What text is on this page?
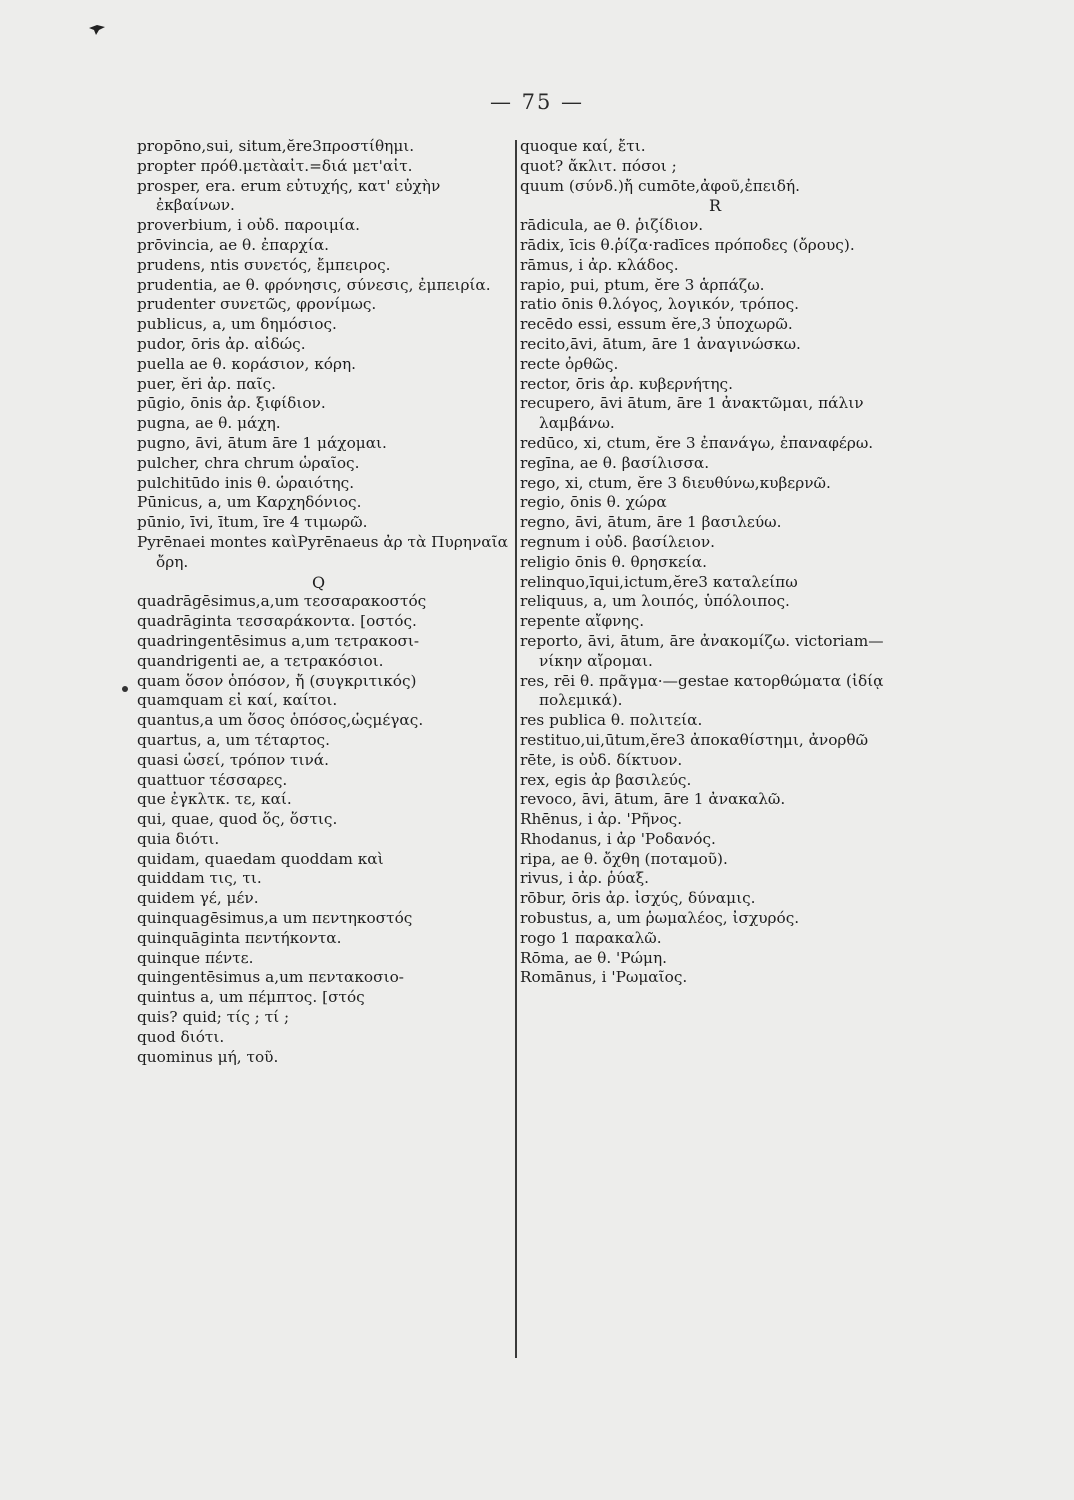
— 75 —
propōno,sui, situm,ĕre3προστίθημι.
propter πρόθ.μετὰαἰτ.=διά μετ'αἰτ.
prosper, era. erum εὐτυχής, κατ' εὐχὴν ἐκβαίνων.
proverbium, i οὐδ. παροιμία.
prōvincia, ae θ. ἐπαρχία.
prudens, ntis συνετός, ἔμπειρος.
prudentia, ae θ. φρόνησις, σύνεσις, ἐμπειρία.
prudenter συνετῶς, φρονίμως.
publicus, a, um δημόσιος.
pudor, ōris ἀρ. αἰδώς.
puella ae θ. κοράσιον, κόρη.
puer, ĕri ἀρ. παῖς.
pūgio, ōnis ἀρ. ξιφίδιον.
pugna, ae θ. μάχη.
pugno, āvi, ātum āre 1 μάχομαι.
pulcher, chra chrum ὡραῖος.
pulchitūdo inis θ. ὡραιότης.
Pūnicus, a, um Καρχηδόνιος.
pūnio, īvi, ītum, īre 4 τιμωρῶ.
Pyrēnaei montes καὶPyrēnaeus ἀρ τὰ Πυρηναῖα ὄρη.
Q
quadrāgēsimus,a,um τεσσαρακοστός
quadrāginta τεσσαράκοντα. [οστός.
quadringentēsimus a,um τετρακοσι-
quandrigenti ae, a τετρακόσιοι.
quam ὅσον ὁπόσον, ἤ (συγκριτικός)
quamquam εἰ καί, καίτοι.
quantus,a um ὅσος ὁπόσος,ὡςμέγας.
quartus, a, um τέταρτος.
quasi ὡσεί, τρόπον τινά.
quattuor τέσσαρες.
que ἐγκλτκ. τε, καί.
qui, quae, quod ὅς, ὅστις.
quia διότι.
quidam, quaedam quoddam καὶ
quiddam τις, τι.
quidem γέ, μέν.
quinquagēsimus,a um πεντηκοστός
quinquāginta πεντήκοντα.
quinque πέντε.
quingentēsimus a,um πεντακοσιο-
quintus a, um πέμπτος. [στός
quis? quid; τίς ; τί ;
quod διότι.
quominus μή, τοῦ.
quoque καί, ἔτι.
quot? ἄκλιτ. πόσοι ;
quum (σύνδ.)ἤ cumōte,ἀφοῦ,ἐπειδή.
R
rādicula, ae θ. ῥιζίδιον.
rādix, īcis θ.ῥίζα·radīces πρόποδες (ὄρους).
rāmus, i ἀρ. κλάδος.
rapio, pui, ptum, ĕre 3 ἁρπάζω.
ratio ōnis θ.λόγος, λογικόν, τρόπος.
recēdo essi, essum ĕre,3 ὑποχωρῶ.
recito,āvi, ātum, āre 1 ἀναγινώσκω.
recte ὀρθῶς.
rector, ōris ἀρ. κυβερνήτης.
recupero, āvi ātum, āre 1 ἀνακτῶμαι, πάλιν λαμβάνω.
redūco, xi, ctum, ĕre 3 ἐπανάγω, ἐπαναφέρω.
regīna, ae θ. βασίλισσα.
rego, xi, ctum, ĕre 3 διευθύνω,κυβερνῶ.
regio, ōnis θ. χώρα
regno, āvi, ātum, āre 1 βασιλεύω.
regnum i οὐδ. βασίλειον.
religio ōnis θ. θρησκεία.
relinquo,īqui,ictum,ĕre3 καταλείπω
reliquus, a, um λοιπός, ὑπόλοιπος.
repente αἴφνης.
reporto, āvi, ātum, āre ἀνακομίζω. victoriam—νίκην αἴρομαι.
res, rēi θ. πρᾶγμα·—gestae κατορθώματα (ἰδίᾳ πολεμικά).
res publica θ. πολιτεία.
restituo,ui,ūtum,ĕre3 ἀποκαθίστημι, ἀνορθῶ
rēte, is οὐδ. δίκτυον.
rex, egis ἀρ βασιλεύς.
revoco, āvi, ātum, āre 1 ἀνακαλῶ.
Rhēnus, i ἀρ. 'Ρῆνος.
Rhodanus, i ἀρ 'Ροδανός.
ripa, ae θ. ὄχθη (ποταμοῦ).
rivus, i ἀρ. ῥύαξ.
rōbur, ōris ἀρ. ἰσχύς, δύναμις.
robustus, a, um ῥωμαλέος, ἰσχυρός.
rogo 1 παρακαλῶ.
Rōma, ae θ. 'Ρώμη.
Romānus, i 'Ρωμαῖος.
